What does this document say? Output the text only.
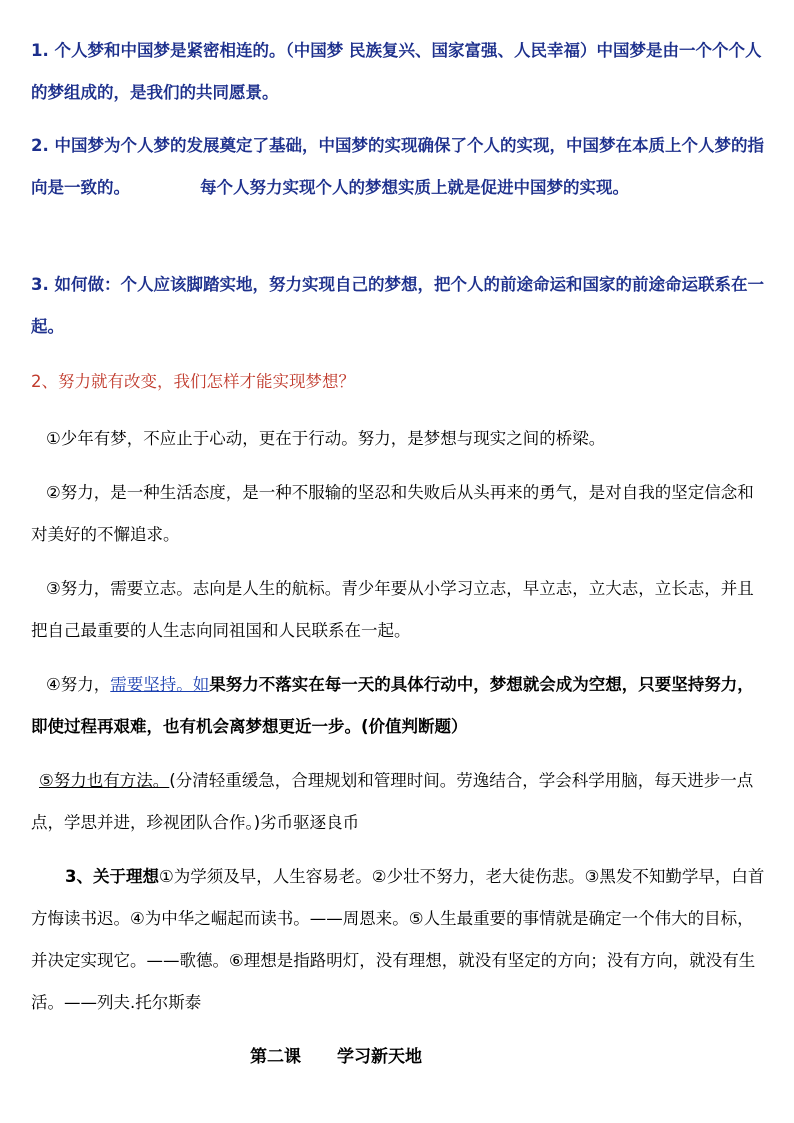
1. 个人梦和中国梦是紧密相连的。（中国梦 民族复兴、国家富强、人民幸福）中国梦是由一个个个人的梦组成的，是我们的共同愿景。

2. 中国梦为个人梦的发展奠定了基础，中国梦的实现确保了个人的实现，中国梦在本质上个人梦的指向是一致的。	每个人努力实现个人的梦想实质上就是促进中国梦的实现。

3. 如何做：个人应该脚踏实地，努力实现自己的梦想，把个人的前途命运和国家的前途命运联系在一起。

2、努力就有改变，我们怎样才能实现梦想？

①少年有梦，不应止于心动，更在于行动。努力，是梦想与现实之间的桥梁。

②努力，是一种生活态度，是一种不服输的坚忍和失败后从头再来的勇气，是对自我的坚定信念和对美好的不懈追求。

③努力，需要立志。志向是人生的航标。青少年要从小学习立志，早立志，立大志，立长志，并且把自己最重要的人生志向同祖国和人民联系在一起。

④努力，需要坚持。如果努力不落实在每一天的具体行动中，梦想就会成为空想，只要坚持努力，即使过程再艰难，也有机会离梦想更近一步。(价值判断题）

⑤努力也有方法。(分清轻重缓急，合理规划和管理时间。劳逸结合，学会科学用脑，每天进步一点点，学思并进，珍视团队合作。)劣币驱逐良币

3、关于理想①为学须及早，人生容易老。②少壮不努力，老大徒伤悲。③黑发不知勤学早，白首方悔读书迟。④为中华之崛起而读书。——周恩来。⑤人生最重要的事情就是确定一个伟大的目标，并决定实现它。——歌德。⑥理想是指路明灯，没有理想，就没有坚定的方向；没有方向，就没有生活。——列夫.托尔斯泰

第二课 学习新天地
